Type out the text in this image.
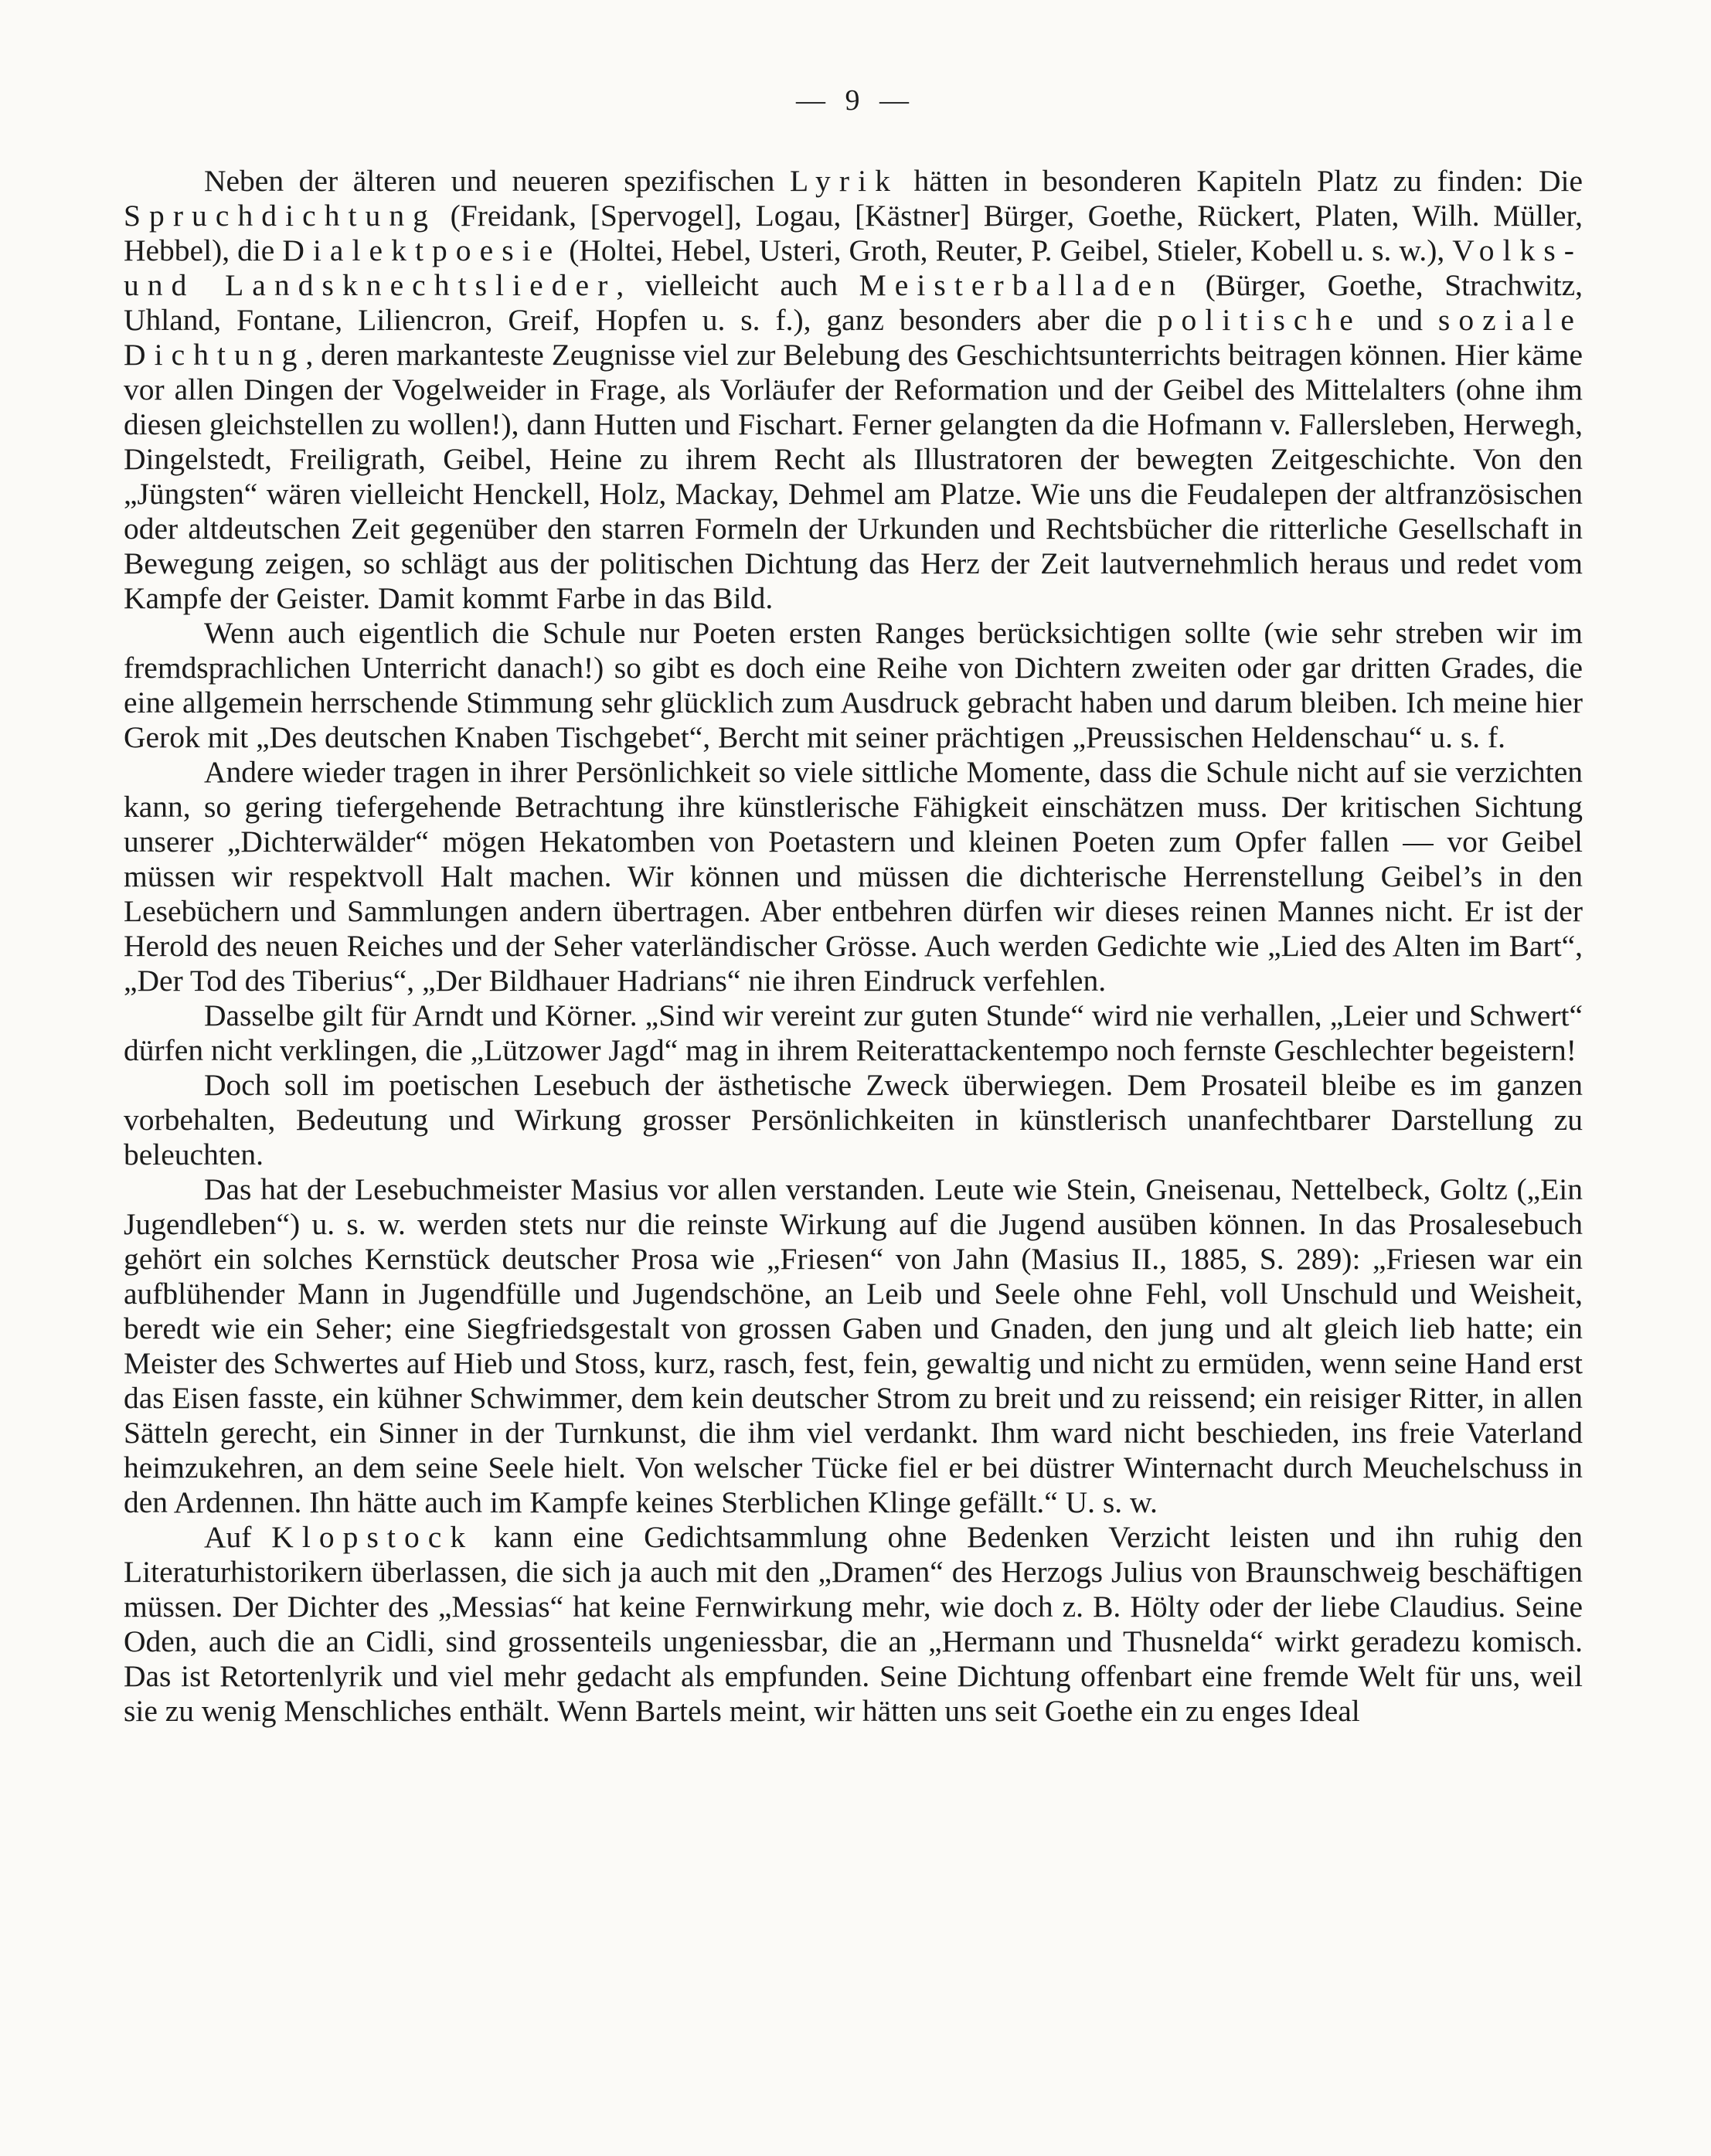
— 9 —

Neben der älteren und neueren spezifischen Lyrik hätten in besonderen Kapiteln Platz zu finden: Die Spruchdichtung (Freidank, [Spervogel], Logau, [Kästner] Bürger, Goethe, Rückert, Platen, Wilh. Müller, Hebbel), die Dialektpoesie (Holtei, Hebel, Usteri, Groth, Reuter, P. Geibel, Stieler, Kobell u. s. w.), Volks- und Landsknechtslieder, vielleicht auch Meisterballaden (Bürger, Goethe, Strachwitz, Uhland, Fontane, Liliencron, Greif, Hopfen u. s. f.), ganz besonders aber die politische und soziale Dichtung, deren markanteste Zeugnisse viel zur Belebung des Geschichtsunterrichts beitragen können. Hier käme vor allen Dingen der Vogelweider in Frage, als Vorläufer der Reformation und der Geibel des Mittelalters (ohne ihm diesen gleichstellen zu wollen!), dann Hutten und Fischart. Ferner gelangten da die Hofmann v. Fallersleben, Herwegh, Dingelstedt, Freiligrath, Geibel, Heine zu ihrem Recht als Illustratoren der bewegten Zeitgeschichte. Von den „Jüngsten“ wären vielleicht Henckell, Holz, Mackay, Dehmel am Platze. Wie uns die Feudalepen der altfranzösischen oder altdeutschen Zeit gegenüber den starren Formeln der Urkunden und Rechtsbücher die ritterliche Gesellschaft in Bewegung zeigen, so schlägt aus der politischen Dichtung das Herz der Zeit lautvernehmlich heraus und redet vom Kampfe der Geister. Damit kommt Farbe in das Bild.

Wenn auch eigentlich die Schule nur Poeten ersten Ranges berücksichtigen sollte (wie sehr streben wir im fremdsprachlichen Unterricht danach!) so gibt es doch eine Reihe von Dichtern zweiten oder gar dritten Grades, die eine allgemein herrschende Stimmung sehr glücklich zum Ausdruck gebracht haben und darum bleiben. Ich meine hier Gerok mit „Des deutschen Knaben Tischgebet“, Bercht mit seiner prächtigen „Preussischen Heldenschau“ u. s. f.

Andere wieder tragen in ihrer Persönlichkeit so viele sittliche Momente, dass die Schule nicht auf sie verzichten kann, so gering tiefergehende Betrachtung ihre künstlerische Fähigkeit einschätzen muss. Der kritischen Sichtung unserer „Dichterwälder“ mögen Hekatomben von Poetastern und kleinen Poeten zum Opfer fallen — vor Geibel müssen wir respektvoll Halt machen. Wir können und müssen die dichterische Herrenstellung Geibel’s in den Lesebüchern und Sammlungen andern übertragen. Aber entbehren dürfen wir dieses reinen Mannes nicht. Er ist der Herold des neuen Reiches und der Seher vaterländischer Grösse. Auch werden Gedichte wie „Lied des Alten im Bart“, „Der Tod des Tiberius“, „Der Bildhauer Hadrians“ nie ihren Eindruck verfehlen.

Dasselbe gilt für Arndt und Körner. „Sind wir vereint zur guten Stunde“ wird nie verhallen, „Leier und Schwert“ dürfen nicht verklingen, die „Lützower Jagd“ mag in ihrem Reiterattackentempo noch fernste Geschlechter begeistern!

Doch soll im poetischen Lesebuch der ästhetische Zweck überwiegen. Dem Prosateil bleibe es im ganzen vorbehalten, Bedeutung und Wirkung grosser Persönlichkeiten in künstlerisch unanfechtbarer Darstellung zu beleuchten.

Das hat der Lesebuchmeister Masius vor allen verstanden. Leute wie Stein, Gneisenau, Nettelbeck, Goltz („Ein Jugendleben“) u. s. w. werden stets nur die reinste Wirkung auf die Jugend ausüben können. In das Prosalesebuch gehört ein solches Kernstück deutscher Prosa wie „Friesen“ von Jahn (Masius II., 1885, S. 289): „Friesen war ein aufblühender Mann in Jugendfülle und Jugendschöne, an Leib und Seele ohne Fehl, voll Unschuld und Weisheit, beredt wie ein Seher; eine Siegfriedsgestalt von grossen Gaben und Gnaden, den jung und alt gleich lieb hatte; ein Meister des Schwertes auf Hieb und Stoss, kurz, rasch, fest, fein, gewaltig und nicht zu ermüden, wenn seine Hand erst das Eisen fasste, ein kühner Schwimmer, dem kein deutscher Strom zu breit und zu reissend; ein reisiger Ritter, in allen Sätteln gerecht, ein Sinner in der Turnkunst, die ihm viel verdankt. Ihm ward nicht beschieden, ins freie Vaterland heimzukehren, an dem seine Seele hielt. Von welscher Tücke fiel er bei düstrer Winternacht durch Meuchelschuss in den Ardennen. Ihn hätte auch im Kampfe keines Sterblichen Klinge gefällt.“ U. s. w.

Auf Klopstock kann eine Gedichtsammlung ohne Bedenken Verzicht leisten und ihn ruhig den Literaturhistorikern überlassen, die sich ja auch mit den „Dramen“ des Herzogs Julius von Braunschweig beschäftigen müssen. Der Dichter des „Messias“ hat keine Fernwirkung mehr, wie doch z. B. Hölty oder der liebe Claudius. Seine Oden, auch die an Cidli, sind grossenteils ungeniessbar, die an „Hermann und Thusnelda“ wirkt geradezu komisch. Das ist Retortenlyrik und viel mehr gedacht als empfunden. Seine Dichtung offenbart eine fremde Welt für uns, weil sie zu wenig Menschliches enthält. Wenn Bartels meint, wir hätten uns seit Goethe ein zu enges Ideal
